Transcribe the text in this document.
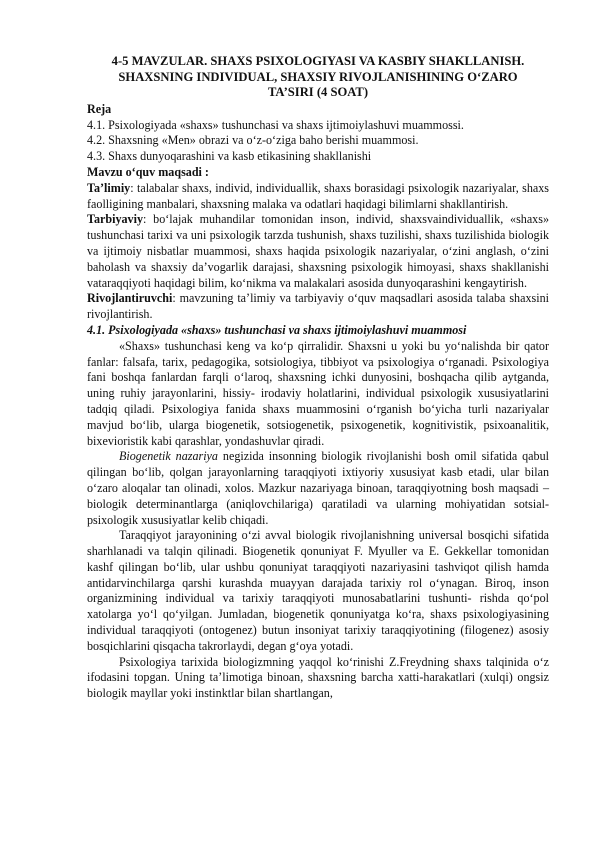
4-5 MAVZULAR. SHAXS PSIXOLOGIYASI VA KASBIY SHAKLLANISH.
SHAXSNING INDIVIDUAL, SHAXSIY RIVOJLANISHINING O‘ZARO
TA’SIRI (4 SOAT)
Reja
4.1. Psixologiyada «shaxs» tushunchasi va shaxs ijtimoiylashuvi muammossi.
4.2. Shaxsning «Men» obrazi va o‘z-o‘ziga baho berishi muammosi.
4.3. Shaxs dunyoqarashini va kasb etikasining shakllanishi
Mavzu o‘quv maqsadi :

Ta’limiy: talabalar shaxs, individ, individuallik, shaxs borasidagi psixologik nazariyalar, shaxs faolligining manbalari, shaxsning malaka va odatlari haqidagi bilimlarni shakllantirish.

Tarbiyaviy: bo‘lajak muhandilar tomonidan inson, individ, shaxsvaindividuallik, «shaxs» tushunchasi tarixi va uni psixologik tarzda tushunish, shaxs tuzilishi, shaxs tuzilishida biologik va ijtimoiy nisbatlar muammosi, shaxs haqida psixologik nazariyalar, o‘zini anglash, o‘zini baholash va shaxsiy da’vogarlik darajasi, shaxsning psixologik himoyasi, shaxs shakllanishi vataraqqiyoti haqidagi bilim, ko‘nikma va malakalari asosida dunyoqarashini kengaytirish.

Rivojlantiruvchi: mavzuning ta’limiy va tarbiyaviy o‘quv maqsadlari asosida talaba shaxsini rivojlantirish.

4.1. Psixologiyada «shaxs» tushunchasi va shaxs ijtimoiylashuvi muammosi

«Shaxs» tushunchasi keng va ko‘p qirralidir. Shaxsni u yoki bu yo‘nalishda bir qator fanlar: falsafa, tarix, pedagogika, sotsiologiya, tibbiyot va psixologiya o‘rganadi. Psixologiya fani boshqa fanlardan farqli o‘laroq, shaxsning ichki dunyosini, boshqacha qilib aytganda, uning ruhiy jarayonlarini, hissiy- irodaviy holatlarini, individual psixologik xususiyatlarini tadqiq qiladi. Psixologiya fanida shaxs muammosini o‘rganish bo‘yicha turli nazariyalar mavjud bo‘lib, ularga biogenetik, sotsiogenetik, psixogenetik, kognitivistik, psixoanalitik, bixevioristik kabi qarashlar, yondashuvlar qiradi.

Biogenetik nazariya negizida insonning biologik rivojlanishi bosh omil sifatida qabul qilingan bo‘lib, qolgan jarayonlarning taraqqiyoti ixtiyoriy xususiyat kasb etadi, ular bilan o‘zaro aloqalar tan olinadi, xolos. Mazkur nazariyaga binoan, taraqqiyotning bosh maqsadi – biologik determinantlarga (aniqlovchilariga) qaratiladi va ularning mohiyatidan sotsial- psixologik xususiyatlar kelib chiqadi.

Taraqqiyot jarayonining o‘zi avval biologik rivojlanishning universal bosqichi sifatida sharhlanadi va talqin qilinadi. Biogenetik qonuniyat F. Myuller va E. Gekkellar tomonidan kashf qilingan bo‘lib, ular ushbu qonuniyat taraqqiyoti nazariyasini tashviqot qilish hamda antidarvinchilarga qarshi kurashda muayyan darajada tarixiy rol o‘ynagan. Biroq, inson organizmining individual va tarixiy taraqqiyoti munosabatlarini tushunti- rishda qo‘pol xatolarga yo‘l qo‘yilgan. Jumladan, biogenetik qonuniyatga ko‘ra, shaxs psixologiyasining individual taraqqiyoti (ontogenez) butun insoniyat tarixiy taraqqiyotining (filogenez) asosiy bosqichlarini qisqacha takrorlaydi, degan g‘oya yotadi.

Psixologiya tarixida biologizmning yaqqol ko‘rinishi Z.Freydning shaxs talqinida o‘z ifodasini topgan. Uning ta’limotiga binoan, shaxsning barcha xatti-harakatlari (xulqi) ongsiz biologik mayllar yoki instinktlar bilan shartlangan,
